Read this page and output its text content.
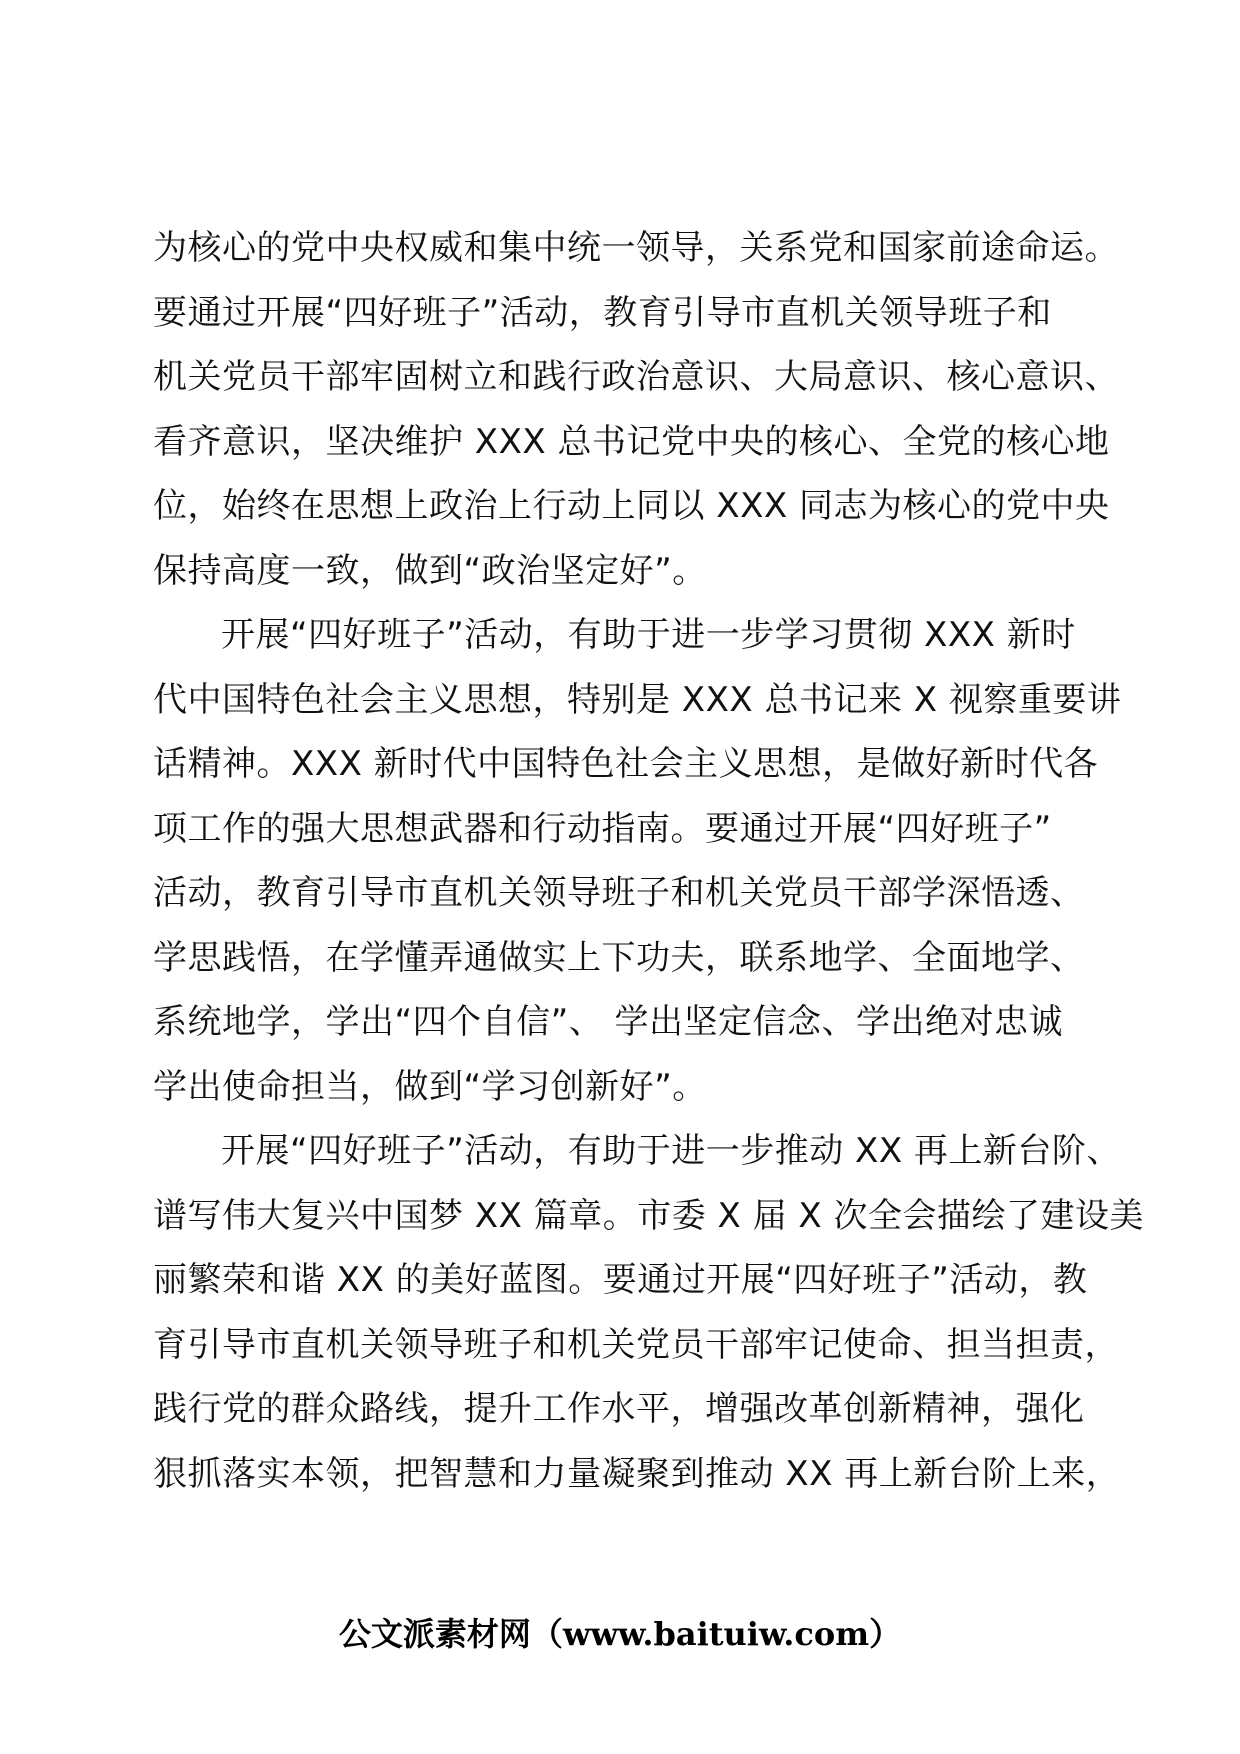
为核心的党中央权威和集中统一领导，关系党和国家前途命运。
要通过开展“四好班子”活动，教育引导市直机关领导班子和
机关党员干部牢固树立和践行政治意识、大局意识、核心意识、
看齐意识，坚决维护 XXX 总书记党中央的核心、全党的核心地
位，始终在思想上政治上行动上同以 XXX 同志为核心的党中央
保持高度一致，做到“政治坚定好”。
开展“四好班子”活动，有助于进一步学习贯彻 XXX 新时
代中国特色社会主义思想，特别是 XXX 总书记来 X 视察重要讲
话精神。XXX 新时代中国特色社会主义思想，是做好新时代各
项工作的强大思想武器和行动指南。要通过开展“四好班子”
活动，教育引导市直机关领导班子和机关党员干部学深悟透、
学思践悟，在学懂弄通做实上下功夫，联系地学、全面地学、
系统地学，学出“四个自信”、 学出坚定信念、学出绝对忠诚
学出使命担当，做到“学习创新好”。
开展“四好班子”活动，有助于进一步推动 XX 再上新台阶、
谱写伟大复兴中国梦 XX 篇章。市委 X 届 X 次全会描绘了建设美
丽繁荣和谐 XX 的美好蓝图。要通过开展“四好班子”活动，教
育引导市直机关领导班子和机关党员干部牢记使命、担当担责，
践行党的群众路线，提升工作水平，增强改革创新精神，强化
狠抓落实本领，把智慧和力量凝聚到推动 XX 再上新台阶上来，
公文派素材网（www.baituiw.com）
